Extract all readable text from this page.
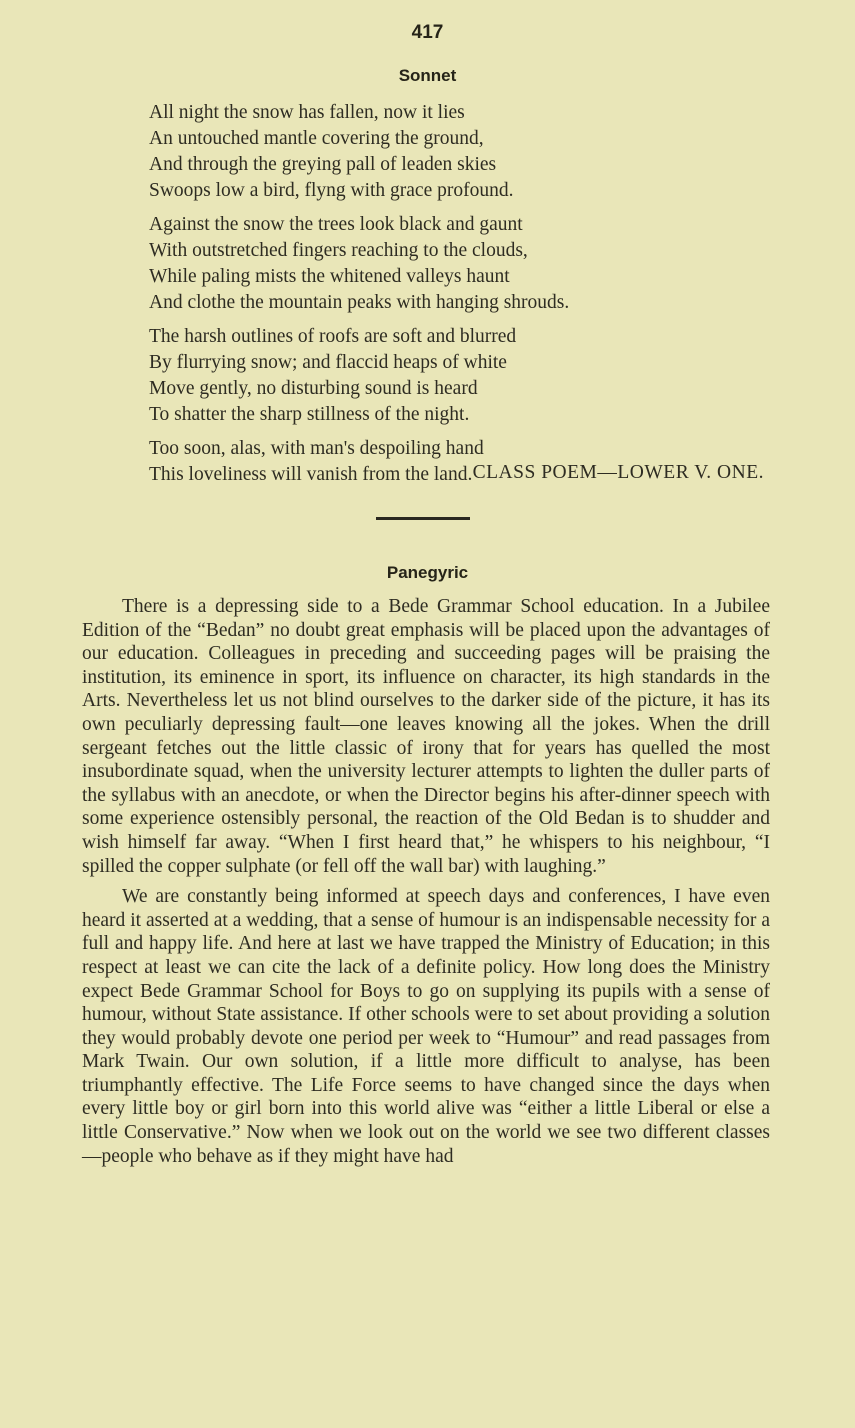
417
Sonnet
All night the snow has fallen, now it lies
An untouched mantle covering the ground,
And through the greying pall of leaden skies
Swoops low a bird, flyng with grace profound.
Against the snow the trees look black and gaunt
With outstretched fingers reaching to the clouds,
While paling mists the whitened valleys haunt
And clothe the mountain peaks with hanging shrouds.
The harsh outlines of roofs are soft and blurred
By flurrying snow; and flaccid heaps of white
Move gently, no disturbing sound is heard
To shatter the sharp stillness of the night.
Too soon, alas, with man's despoiling hand
This loveliness will vanish from the land. CLASS POEM—LOWER V. ONE.
Panegyric

There is a depressing side to a Bede Grammar School education. In a Jubilee Edition of the “Bedan” no doubt great emphasis will be placed upon the advantages of our education. Colleagues in preceding and succeeding pages will be praising the institution, its eminence in sport, its influence on character, its high standards in the Arts. Nevertheless let us not blind ourselves to the darker side of the picture, it has its own peculiarly depressing fault—one leaves knowing all the jokes. When the drill sergeant fetches out the little classic of irony that for years has quelled the most insubordinate squad, when the university lecturer attempts to lighten the duller parts of the syllabus with an anecdote, or when the Director begins his after-dinner speech with some experience ostensibly personal, the reaction of the Old Bedan is to shudder and wish himself far away. “When I first heard that,” he whispers to his neighbour, “I spilled the copper sulphate (or fell off the wall bar) with laughing.”

We are constantly being informed at speech days and conferences, I have even heard it asserted at a wedding, that a sense of humour is an indispensable necessity for a full and happy life. And here at last we have trapped the Ministry of Education; in this respect at least we can cite the lack of a definite policy. How long does the Ministry expect Bede Grammar School for Boys to go on supplying its pupils with a sense of humour, without State assistance. If other schools were to set about providing a solution they would probably devote one period per week to “Humour” and read passages from Mark Twain. Our own solution, if a little more difficult to analyse, has been triumphantly effective. The Life Force seems to have changed since the days when every little boy or girl born into this world alive was “either a little Liberal or else a little Conservative.” Now when we look out on the world we see two different classes—people who behave as if they might have had
